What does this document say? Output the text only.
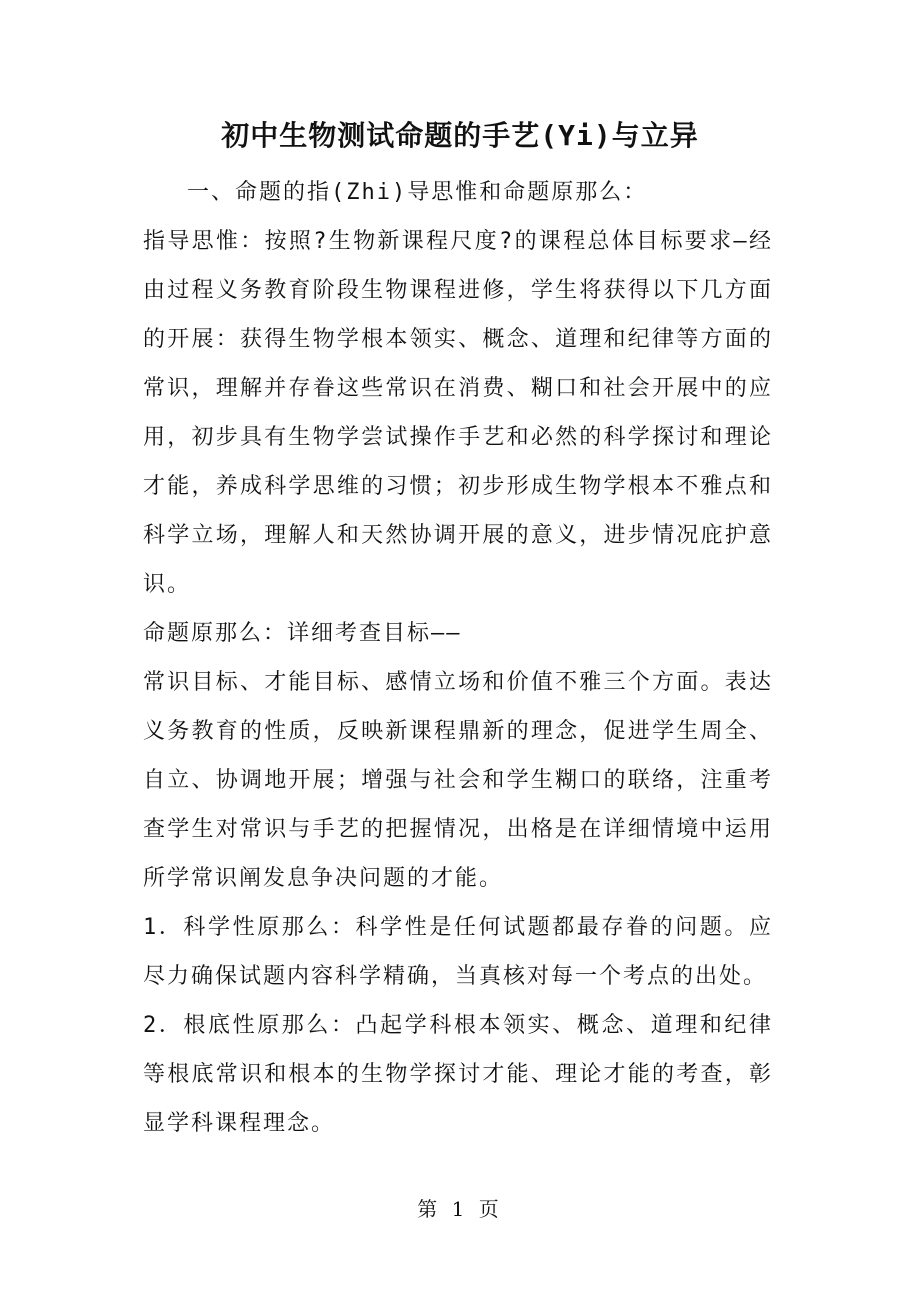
初中生物测试命题的手艺(Yi)与立异

一、命题的指(Zhi)导思惟和命题原那么：

指导思惟：按照?生物新课程尺度?的课程总体目标要求—经由过程义务教育阶段生物课程进修，学生将获得以下几方面的开展：获得生物学根本领实、概念、道理和纪律等方面的常识，理解并存眷这些常识在消费、糊口和社会开展中的应用，初步具有生物学尝试操作手艺和必然的科学探讨和理论才能，养成科学思维的习惯；初步形成生物学根本不雅点和科学立场，理解人和天然协调开展的意义，进步情况庇护意识。

命题原那么：详细考查目标——

常识目标、才能目标、感情立场和价值不雅三个方面。表达义务教育的性质，反映新课程鼎新的理念，促进学生周全、自立、协调地开展；增强与社会和学生糊口的联络，注重考查学生对常识与手艺的把握情况，出格是在详细情境中运用所学常识阐发息争决问题的才能。

1．科学性原那么：科学性是任何试题都最存眷的问题。应尽力确保试题内容科学精确，当真核对每一个考点的出处。

2．根底性原那么：凸起学科根本领实、概念、道理和纪律等根底常识和根本的生物学探讨才能、理论才能的考查，彰显学科课程理念。

第 1 页
